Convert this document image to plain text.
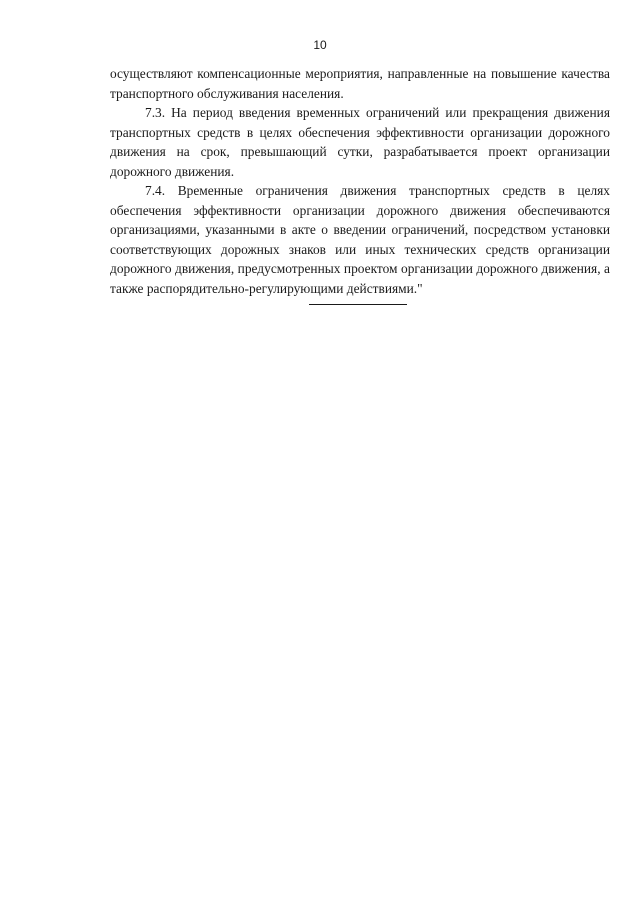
10

осуществляют компенсационные мероприятия, направленные на повышение качества транспортного обслуживания населения.

7.3. На период введения временных ограничений или прекращения движения транспортных средств в целях обеспечения эффективности организации дорожного движения на срок, превышающий сутки, разрабатывается проект организации дорожного движения.

7.4. Временные ограничения движения транспортных средств в целях обеспечения эффективности организации дорожного движения обеспечиваются организациями, указанными в акте о введении ограничений, посредством установки соответствующих дорожных знаков или иных технических средств организации дорожного движения, предусмотренных проектом организации дорожного движения, а также распорядительно-регулирующими действиями."
